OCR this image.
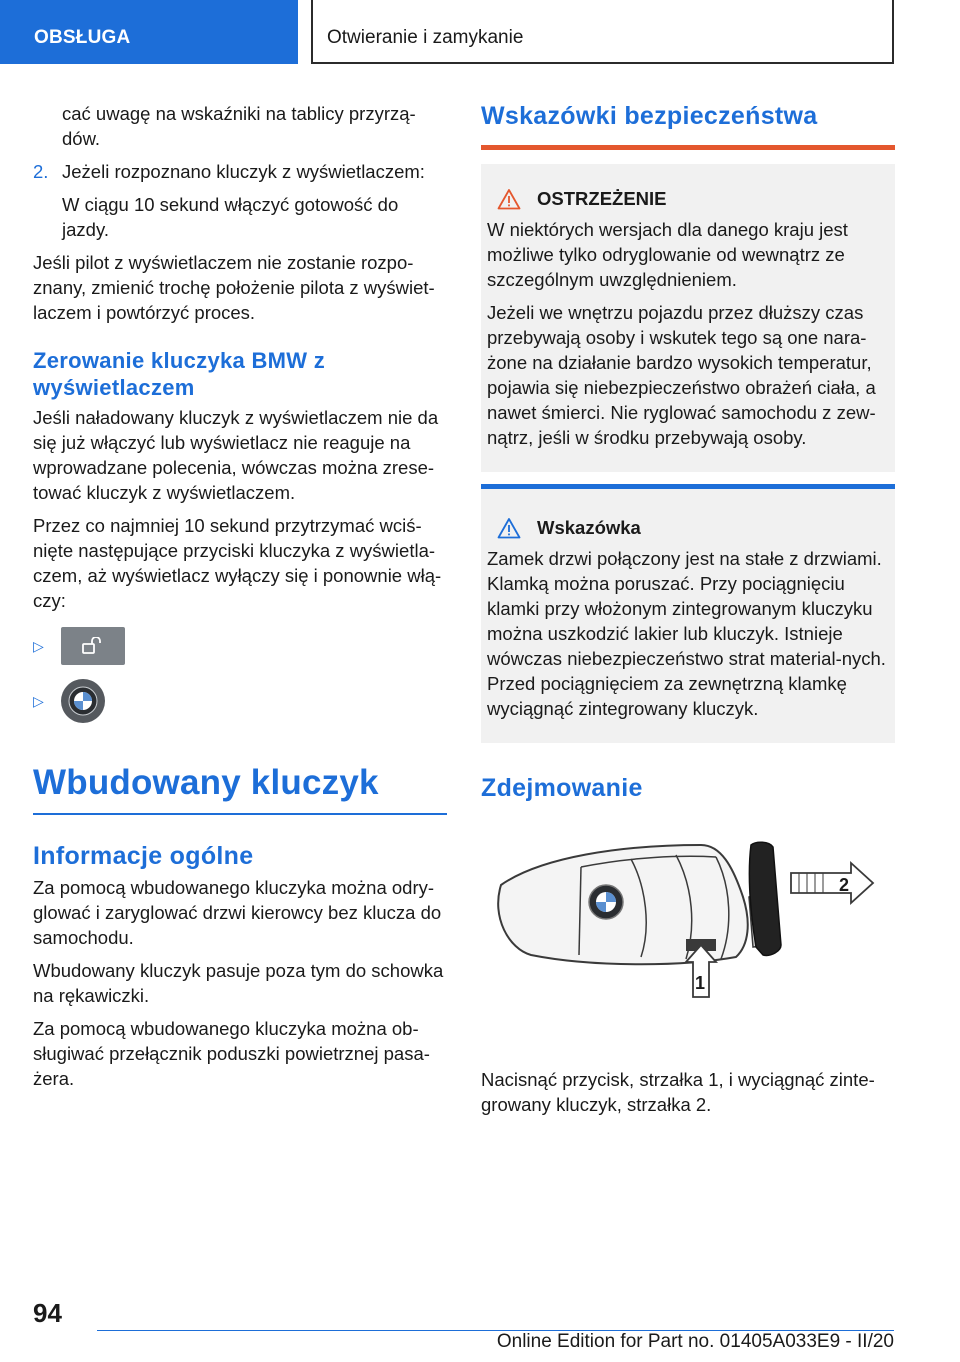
OBSŁUGA	Otwieranie i zamykanie

cać uwagę na wskaźniki na tablicy przyrzą-dów.

2. Jeżeli rozpoznano kluczyk z wyświetlaczem:

W ciągu 10 sekund włączyć gotowość do jazdy.

Jeśli pilot z wyświetlaczem nie zostanie rozpo-znany, zmienić trochę położenie pilota z wyświet-laczem i powtórzyć proces.

Zerowanie kluczyka BMW z wyświetlaczem

Jeśli naładowany kluczyk z wyświetlaczem nie da się już włączyć lub wyświetlacz nie reaguje na wprowadzane polecenia, wówczas można zrese-tować kluczyk z wyświetlaczem.

Przez co najmniej 10 sekund przytrzymać wciś-nięte następujące przyciski kluczyka z wyświetla-czem, aż wyświetlacz wyłączy się i ponownie włą-czy:

▷
▷
Wbudowany kluczyk
Informacje ogólne

Za pomocą wbudowanego kluczyka można odry-glować i zaryglować drzwi kierowcy bez klucza do samochodu.

Wbudowany kluczyk pasuje poza tym do schowka na rękawiczki.

Za pomocą wbudowanego kluczyka można ob-sługiwać przełącznik poduszki powietrznej pasa-żera.

Wskazówki bezpieczeństwa
OSTRZEŻENIE

W niektórych wersjach dla danego kraju jest możliwe tylko odryglowanie od wewnątrz ze szczególnym uwzględnieniem.

Jeżeli we wnętrzu pojazdu przez dłuższy czas przebywają osoby i wskutek tego są one nara-żone na działanie bardzo wysokich temperatur, pojawia się niebezpieczeństwo obrażeń ciała, a nawet śmierci. Nie ryglować samochodu z zew-nątrz, jeśli w środku przebywają osoby.

Wskazówka

Zamek drzwi połączony jest na stałe z drzwiami. Klamką można poruszać. Przy pociągnięciu klamki przy włożonym zintegrowanym kluczyku można uszkodzić lakier lub kluczyk. Istnieje wówczas niebezpieczeństwo strat material-nych. Przed pociągnięciem za zewnętrzną klamkę wyciągnąć zintegrowany kluczyk.

Zdejmowanie
2
1

Nacisnąć przycisk, strzałka 1, i wyciągnąć zinte-growany kluczyk, strzałka 2.

94
Online Edition for Part no. 01405A033E9 - II/20
